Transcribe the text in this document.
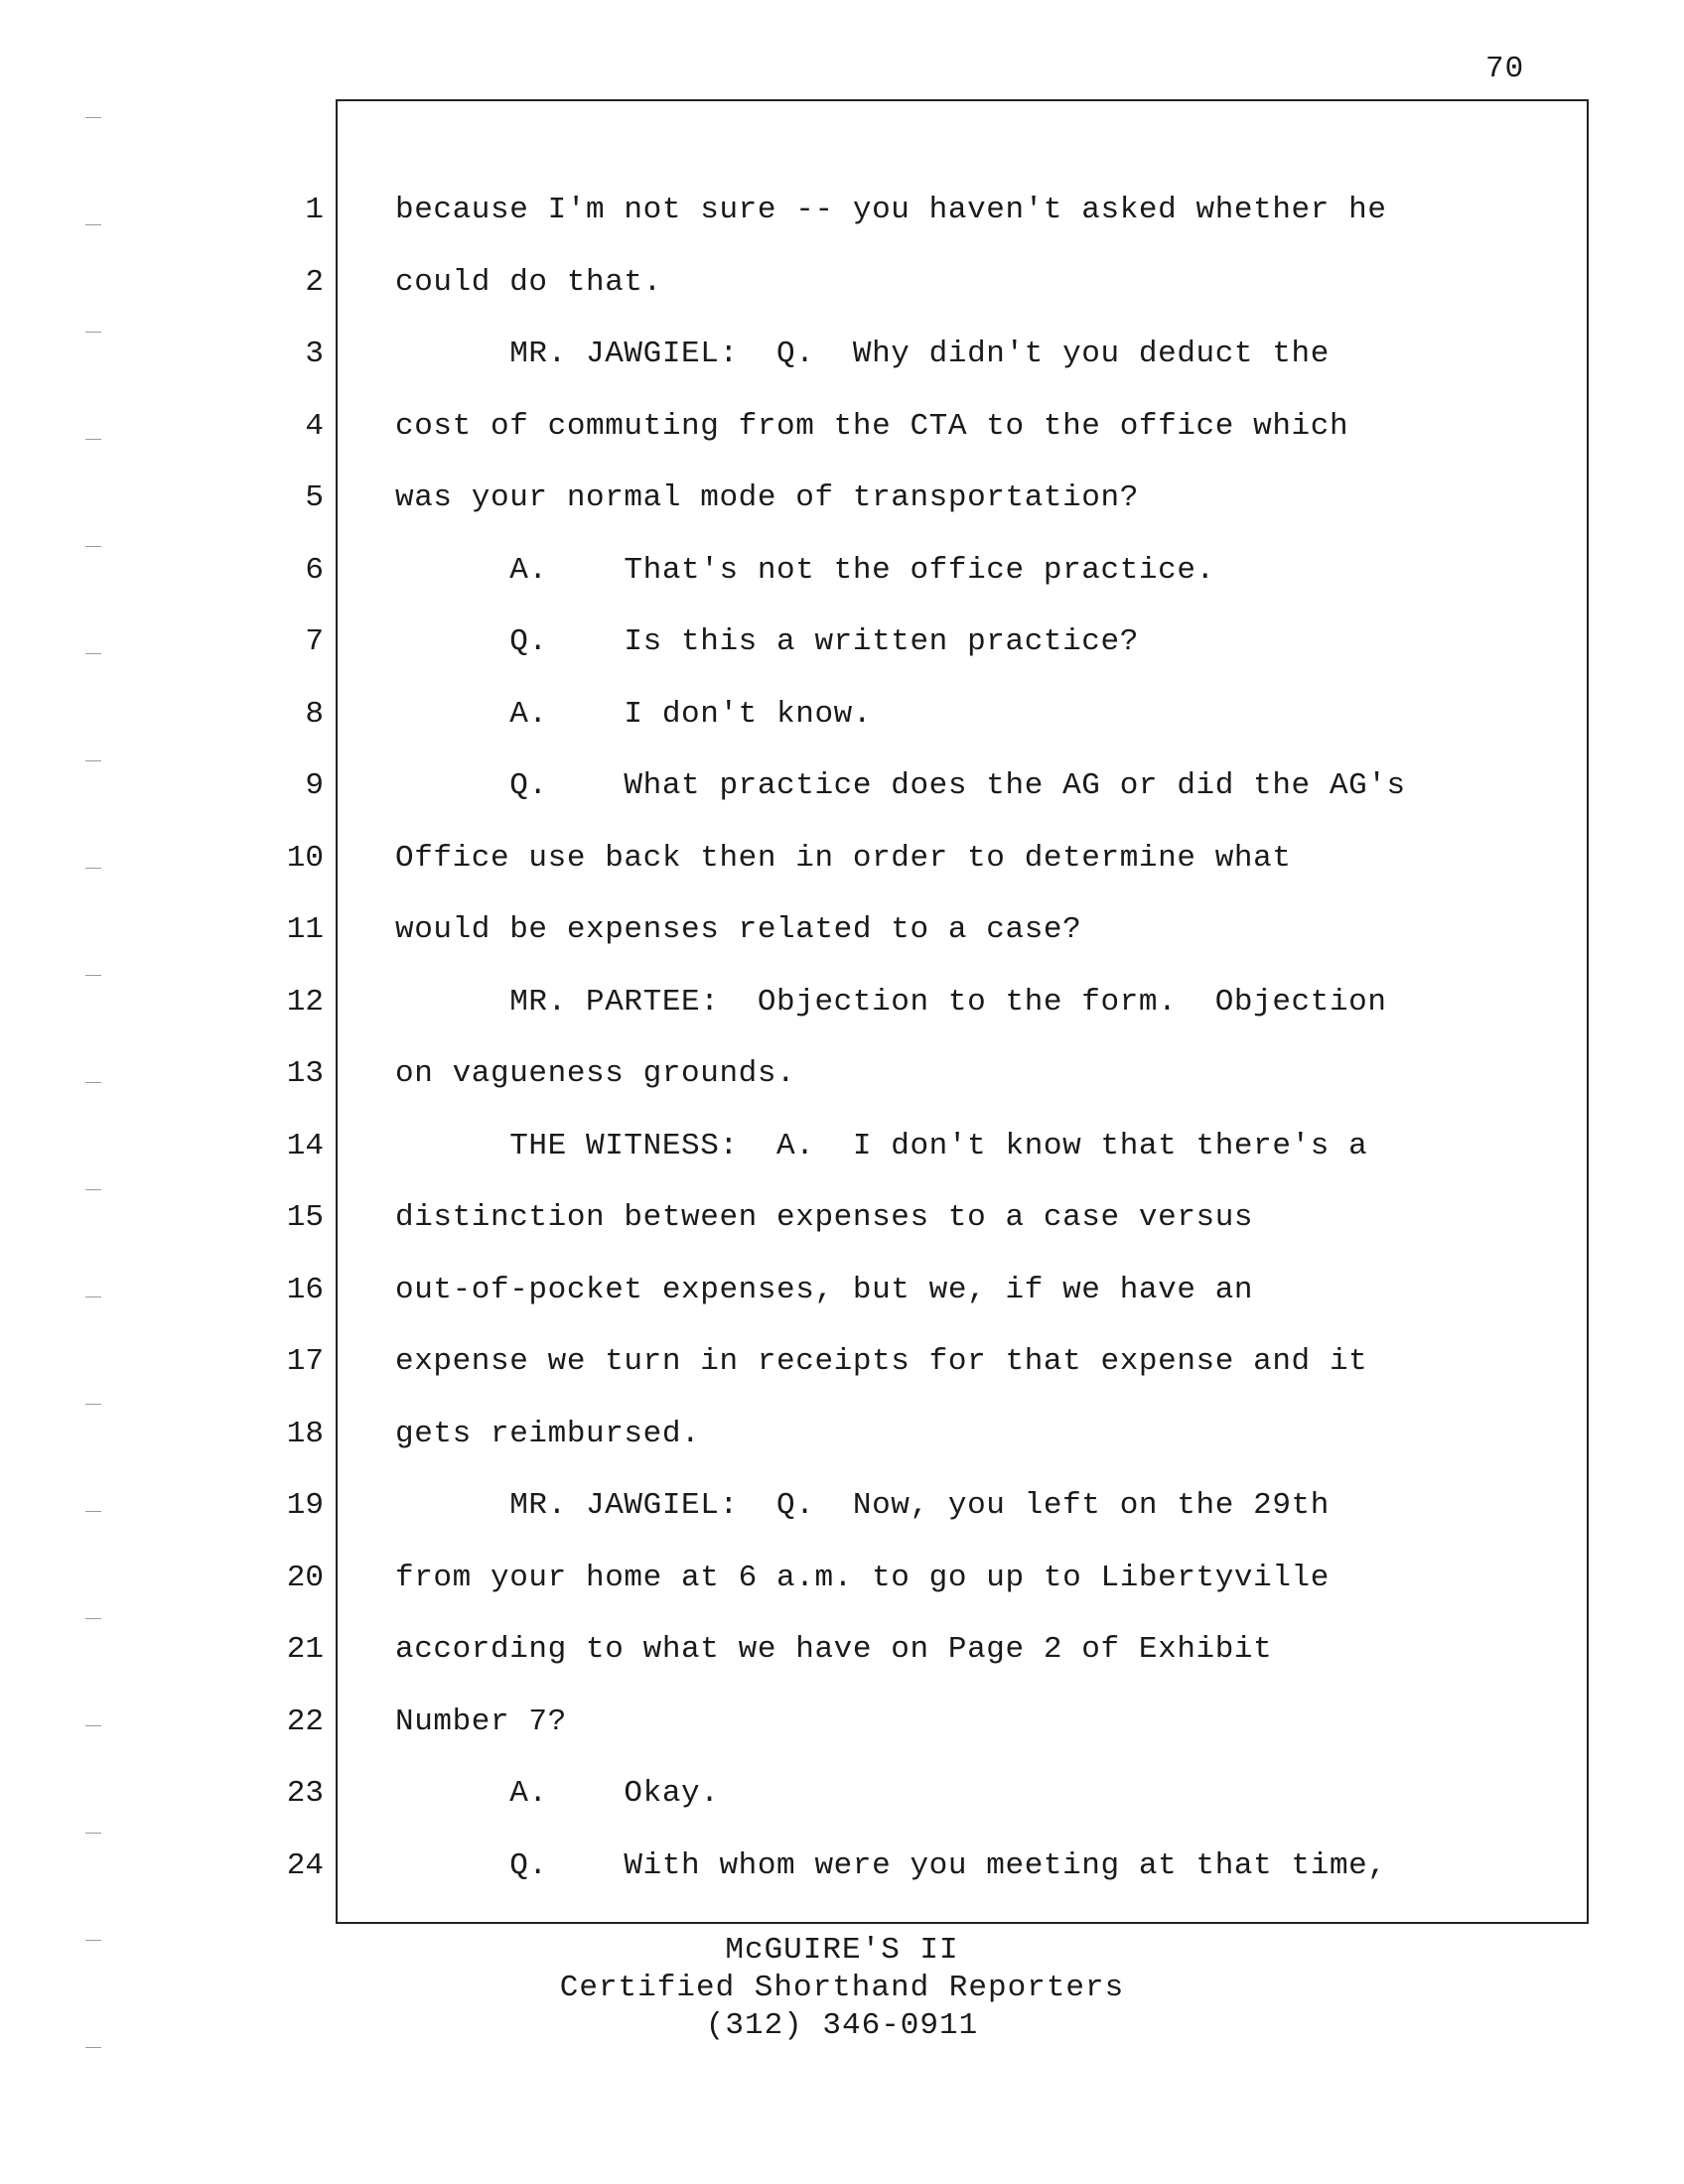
70
1 because I'm not sure -- you haven't asked whether he
2 could do that.
3 MR. JAWGIEL:  Q.  Why didn't you deduct the
4 cost of commuting from the CTA to the office which
5 was your normal mode of transportation?
6 A.    That's not the office practice.
7 Q.    Is this a written practice?
8 A.    I don't know.
9 Q.    What practice does the AG or did the AG's
10 Office use back then in order to determine what
11 would be expenses related to a case?
12 MR. PARTEE:  Objection to the form.  Objection
13 on vagueness grounds.
14 THE WITNESS:  A.  I don't know that there's a
15 distinction between expenses to a case versus
16 out-of-pocket expenses, but we, if we have an
17 expense we turn in receipts for that expense and it
18 gets reimbursed.
19 MR. JAWGIEL:  Q.  Now, you left on the 29th
20 from your home at 6 a.m. to go up to Libertyville
21 according to what we have on Page 2 of Exhibit
22 Number 7?
23 A.    Okay.
24 Q.    With whom were you meeting at that time,
McGUIRE'S II
Certified Shorthand Reporters
(312) 346-0911
